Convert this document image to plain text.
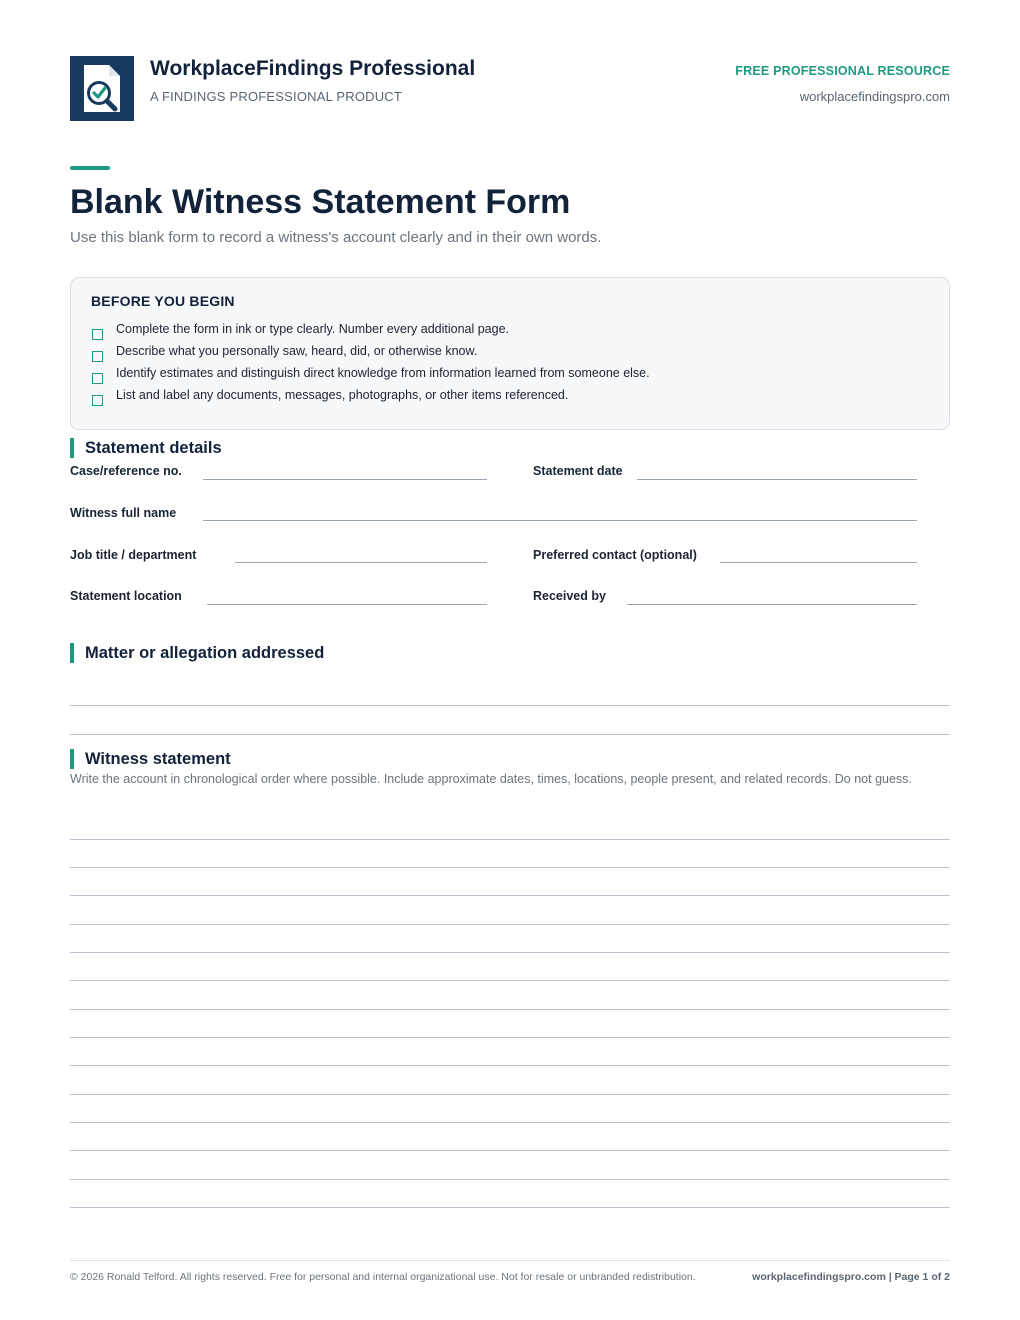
WorkplaceFindings Professional
A FINDINGS PROFESSIONAL PRODUCT
FREE PROFESSIONAL RESOURCE
workplacefindingspro.com
Blank Witness Statement Form
Use this blank form to record a witness's account clearly and in their own words.
BEFORE YOU BEGIN
Complete the form in ink or type clearly. Number every additional page.
Describe what you personally saw, heard, did, or otherwise know.
Identify estimates and distinguish direct knowledge from information learned from someone else.
List and label any documents, messages, photographs, or other items referenced.
Statement details
Case/reference no.	Statement date
Witness full name
Job title / department	Preferred contact (optional)
Statement location	Received by
Matter or allegation addressed
Witness statement
Write the account in chronological order where possible. Include approximate dates, times, locations, people present, and related records. Do not guess.
© 2026 Ronald Telford. All rights reserved. Free for personal and internal organizational use. Not for resale or unbranded redistribution.	workplacefindingspro.com | Page 1 of 2
